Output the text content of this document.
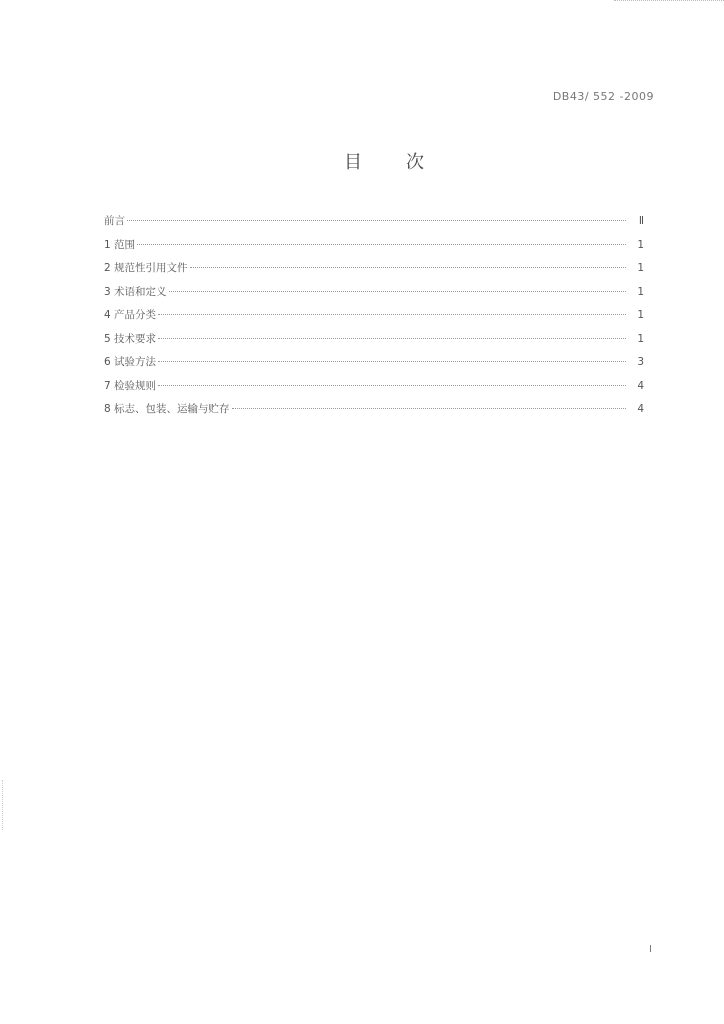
DB43/ 552 -2009
目次
前言	Ⅱ
1 范围	1
2 规范性引用文件	1
3 术语和定义	1
4 产品分类	1
5 技术要求	1
6 试验方法	3
7 检验规则	4
8 标志、包装、运输与贮存	4
Ⅰ
